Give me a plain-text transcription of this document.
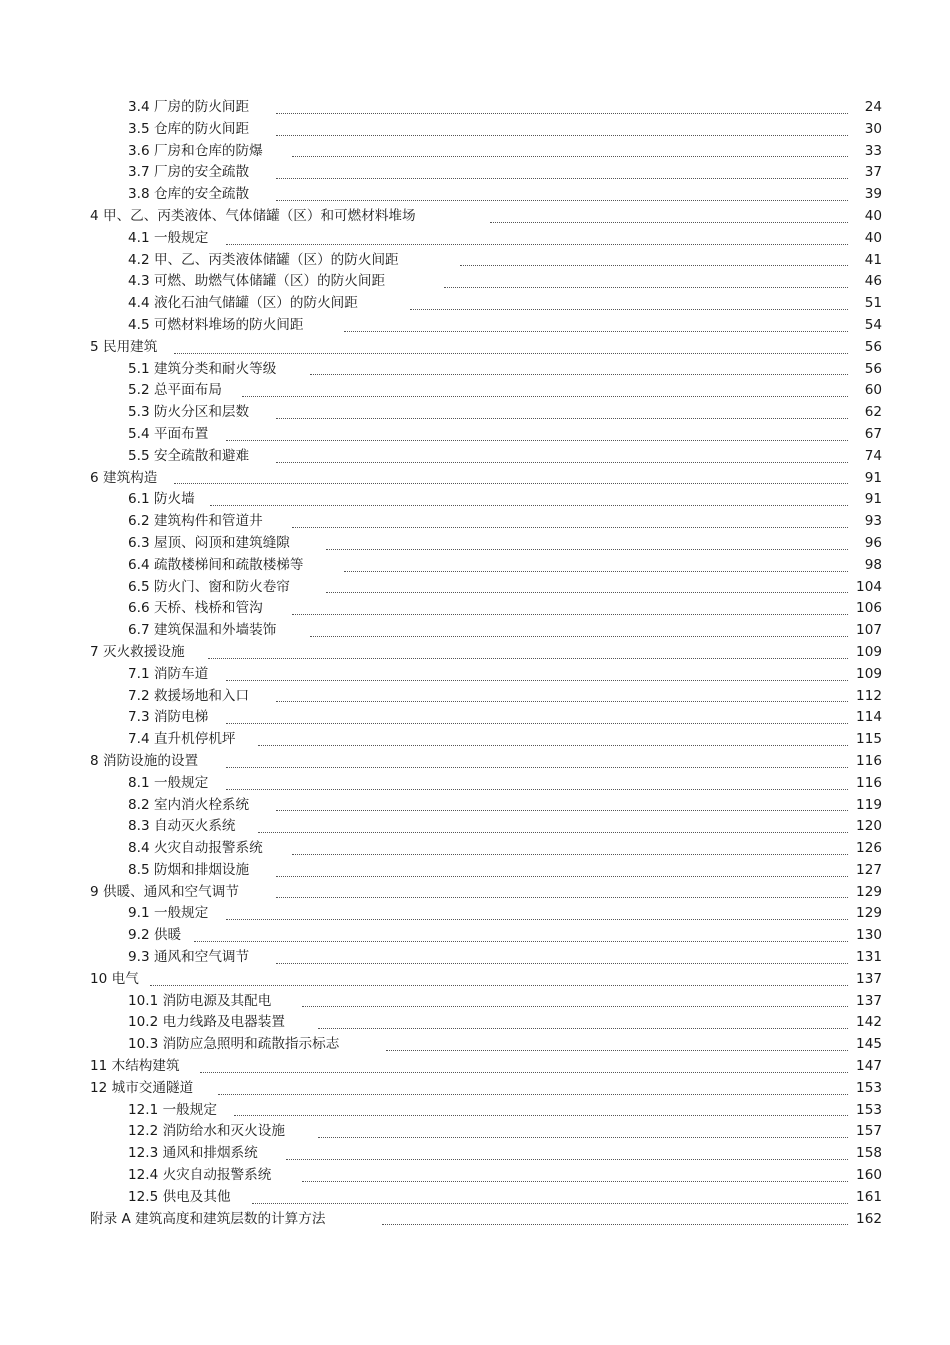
3.4 厂房的防火间距	24
3.5 仓库的防火间距	30
3.6 厂房和仓库的防爆	33
3.7 厂房的安全疏散	37
3.8 仓库的安全疏散	39
4 甲、乙、丙类液体、气体储罐（区）和可燃材料堆场	40
4.1 一般规定	40
4.2 甲、乙、丙类液体储罐（区）的防火间距	41
4.3 可燃、助燃气体储罐（区）的防火间距	46
4.4 液化石油气储罐（区）的防火间距	51
4.5 可燃材料堆场的防火间距	54
5 民用建筑	56
5.1 建筑分类和耐火等级	56
5.2 总平面布局	60
5.3 防火分区和层数	62
5.4 平面布置	67
5.5 安全疏散和避难	74
6 建筑构造	91
6.1 防火墙	91
6.2 建筑构件和管道井	93
6.3 屋顶、闷顶和建筑缝隙	96
6.4 疏散楼梯间和疏散楼梯等	98
6.5 防火门、窗和防火卷帘	104
6.6 天桥、栈桥和管沟	106
6.7 建筑保温和外墙装饰	107
7 灭火救援设施	109
7.1 消防车道	109
7.2 救援场地和入口	112
7.3 消防电梯	114
7.4 直升机停机坪	115
8 消防设施的设置	116
8.1 一般规定	116
8.2 室内消火栓系统	119
8.3 自动灭火系统	120
8.4 火灾自动报警系统	126
8.5 防烟和排烟设施	127
9 供暖、通风和空气调节	129
9.1 一般规定	129
9.2 供暖	130
9.3 通风和空气调节	131
10 电气	137
10.1 消防电源及其配电	137
10.2 电力线路及电器装置	142
10.3 消防应急照明和疏散指示标志	145
11 木结构建筑	147
12 城市交通隧道	153
12.1 一般规定	153
12.2 消防给水和灭火设施	157
12.3 通风和排烟系统	158
12.4 火灾自动报警系统	160
12.5 供电及其他	161
附录 A 建筑高度和建筑层数的计算方法	162
